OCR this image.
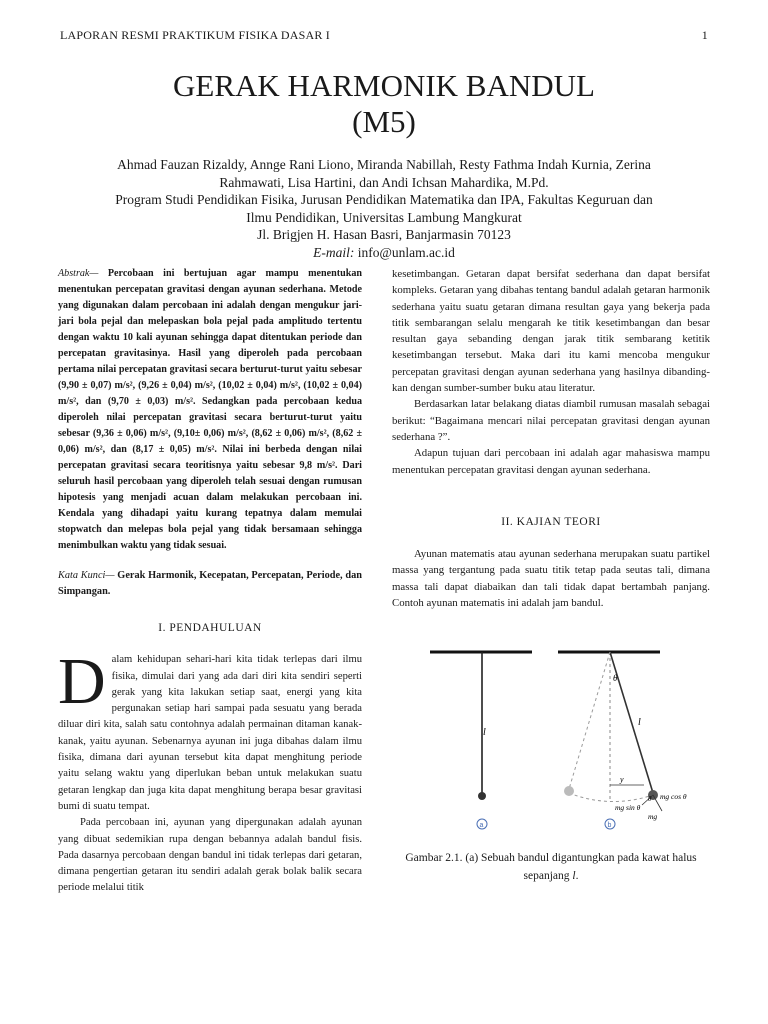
LAPORAN RESMI PRAKTIKUM FISIKA DASAR I	1
GERAK HARMONIK BANDUL
(M5)
Ahmad Fauzan Rizaldy, Annge Rani Liono, Miranda Nabillah, Resty Fathma Indah Kurnia, Zerina
Rahmawati, Lisa Hartini, dan Andi Ichsan Mahardika, M.Pd.
Program Studi Pendidikan Fisika, Jurusan Pendidikan Matematika dan IPA, Fakultas Keguruan dan
Ilmu Pendidikan, Universitas Lambung Mangkurat
Jl. Brigjen H. Hasan Basri, Banjarmasin 70123
E-mail: info@unlam.ac.id
Abstrak— Percobaan ini bertujuan agar mampu menentukan menentukan percepatan gravitasi dengan ayunan sederhana. Metode yang digunakan dalam percobaan ini adalah dengan mengukur jari-jari bola pejal dan melepaskan bola pejal pada amplitudo tertentu dengan waktu 10 kali ayunan sehingga dapat ditentukan periode dan percepatan gravitasinya. Hasil yang diperoleh pada percobaan pertama nilai percepatan gravitasi secara berturut-turut yaitu sebesar (9,90 ± 0,07) m/s², (9,26 ± 0,04) m/s², (10,02 ± 0,04) m/s², (10,02 ± 0,04) m/s², dan (9,70 ± 0,03) m/s². Sedangkan pada percobaan kedua diperoleh nilai percepatan gravitasi secara berturut-turut yaitu sebesar (9,36 ± 0,06) m/s², (9,10± 0,06) m/s², (8,62 ± 0,06) m/s², (8,62 ± 0,06) m/s², dan (8,17 ± 0,05) m/s². Nilai ini berbeda dengan nilai percepatan gravitasi secara teoritisnya yaitu sebesar 9,8 m/s². Dari seluruh hasil percobaan yang diperoleh telah sesuai dengan rumusan hipotesis yang menjadi acuan dalam melakukan percobaan ini. Kendala yang dihadapi yaitu kurang tepatnya dalam memulai stopwatch dan melepas bola pejal yang tidak bersamaan sehingga menimbulkan waktu yang tidak sesuai.
Kata Kunci— Gerak Harmonik, Kecepatan, Percepatan, Periode, dan Simpangan.
I. PENDAHULUAN

Dalam kehidupan sehari-hari kita tidak terlepas dari ilmu fisika, dimulai dari yang ada dari diri kita sendiri seperti gerak yang kita lakukan setiap saat, energi yang kita pergunakan setiap hari sampai pada sesuatu yang berada diluar diri kita, salah satu contohnya adalah permainan ditaman kanak-kanak, yaitu ayunan. Sebenarnya ayunan ini juga dibahas dalam ilmu fisika, dimana dari ayunan tersebut kita dapat menghitung periode yaitu selang waktu yang diperlukan beban untuk melakukan suatu getaran lengkap dan juga kita dapat menghitung berapa besar gravitasi bumi di suatu tempat.

Pada percobaan ini, ayunan yang dipergunakan adalah ayunan yang dibuat sedemikian rupa dengan bebannya adalah bandul fisis. Pada dasarnya percobaan dengan bandul ini tidak terlepas dari getaran, dimana pengertian getaran itu sendiri adalah gerak bolak balik secara periode melalui titik

kesetimbangan. Getaran dapat bersifat sederhana dan dapat bersifat kompleks. Getaran yang dibahas tentang bandul adalah getaran harmonik sederhana yaitu suatu getaran dimana resultan gaya yang bekerja pada titik sembarangan selalu mengarah ke titik kesetimbangan dan besar resultan gaya sebanding dengan jarak titik sembarang ketitik kesetimbangan tersebut. Maka dari itu kami mencoba mengukur percepatan gravitasi dengan ayunan sederhana yang hasilnya dibanding-kan dengan sumber-sumber buku atau literatur.

Berdasarkan latar belakang diatas diambil rumusan masalah sebagai berikut: “Bagaimana mencari nilai percepatan gravitasi dengan ayunan sederhana ?”.

Adapun tujuan dari percobaan ini adalah agar mahasiswa mampu menentukan percepatan gravitasi dengan ayunan sederhana.

II. KAJIAN TEORI

Ayunan matematis atau ayunan sederhana merupakan suatu partikel massa yang tergantung pada suatu titik tetap pada seutas tali, dimana massa tali dapat diabaikan dan tali tidak dapat bertambah panjang. Contoh ayunan matematis ini adalah jam bandul.

l
a
θ
l
y
mg cos θ
mg sin θ
mg
θ
b
Gambar 2.1. (a) Sebuah bandul digantungkan pada kawat halus sepanjang l.
